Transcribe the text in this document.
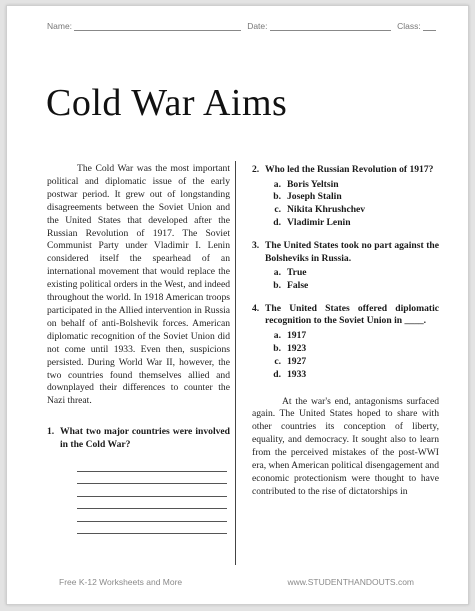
Name:	Date:	Class:
Cold War Aims

The Cold War was the most important political and diplomatic issue of the early postwar period. It grew out of longstanding disagreements between the Soviet Union and the United States that developed after the Russian Revolution of 1917. The Soviet Communist Party under Vladimir I. Lenin considered itself the spearhead of an international movement that would replace the existing political orders in the West, and indeed throughout the world. In 1918 American troops participated in the Allied intervention in Russia on behalf of anti-Bolshevik forces. American diplomatic recognition of the Soviet Union did not come until 1933. Even then, suspicions persisted. During World War II, however, the two countries found themselves allied and downplayed their differences to counter the Nazi threat.

1. What two major countries were involved in the Cold War?
2. Who led the Russian Revolution of 1917?
a. Boris Yeltsin
b. Joseph Stalin
c. Nikita Khrushchev
d. Vladimir Lenin
3. The United States took no part against the Bolsheviks in Russia.
a. True
b. False
4. The United States offered diplomatic recognition to the Soviet Union in ____.
a. 1917
b. 1923
c. 1927
d. 1933

At the war's end, antagonisms surfaced again. The United States hoped to share with other countries its conception of liberty, equality, and democracy. It sought also to learn from the perceived mistakes of the post-WWI era, when American political disengagement and economic protectionism were thought to have contributed to the rise of dictatorships in

Free K-12 Worksheets and More	www.STUDENTHANDOUTS.com
